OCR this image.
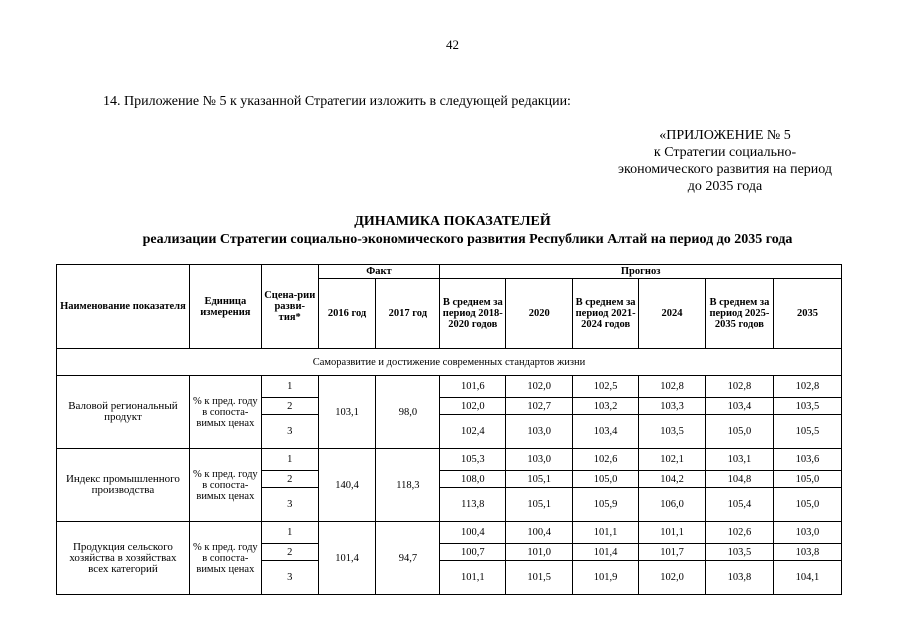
42
14. Приложение № 5 к указанной Стратегии изложить в следующей редакции:
«ПРИЛОЖЕНИЕ № 5
к Стратегии социально-
экономического развития на период
до 2035 года
ДИНАМИКА ПОКАЗАТЕЛЕЙ
реализации Стратегии социально-экономического развития Республики Алтай на период до 2035 года
Наименование показателя	Единица измерения	Сцена-рии разви-тия*	Факт		Прогноз					
			2016 год	2017 год	В среднем за период 2018-2020 годов	2020	В среднем за период 2021-2024 годов	2024	В среднем за период 2025-2035 годов	2035
Саморазвитие и достижение современных стандартов жизни										
Валовой региональный продукт	% к пред. году в сопоста-вимых ценах	1	103,1	98,0	101,6	102,0	102,5	102,8	102,8	102,8
		2			102,0	102,7	103,2	103,3	103,4	103,5
		3			102,4	103,0	103,4	103,5	105,0	105,5
Индекс промышленного производства	% к пред. году в сопоста-вимых ценах	1	140,4	118,3	105,3	103,0	102,6	102,1	103,1	103,6
		2			108,0	105,1	105,0	104,2	104,8	105,0
		3			113,8	105,1	105,9	106,0	105,4	105,0
Продукция сельского хозяйства в хозяйствах всех категорий	% к пред. году в сопоста-вимых ценах	1	101,4	94,7	100,4	100,4	101,1	101,1	102,6	103,0
		2			100,7	101,0	101,4	101,7	103,5	103,8
		3			101,1	101,5	101,9	102,0	103,8	104,1
